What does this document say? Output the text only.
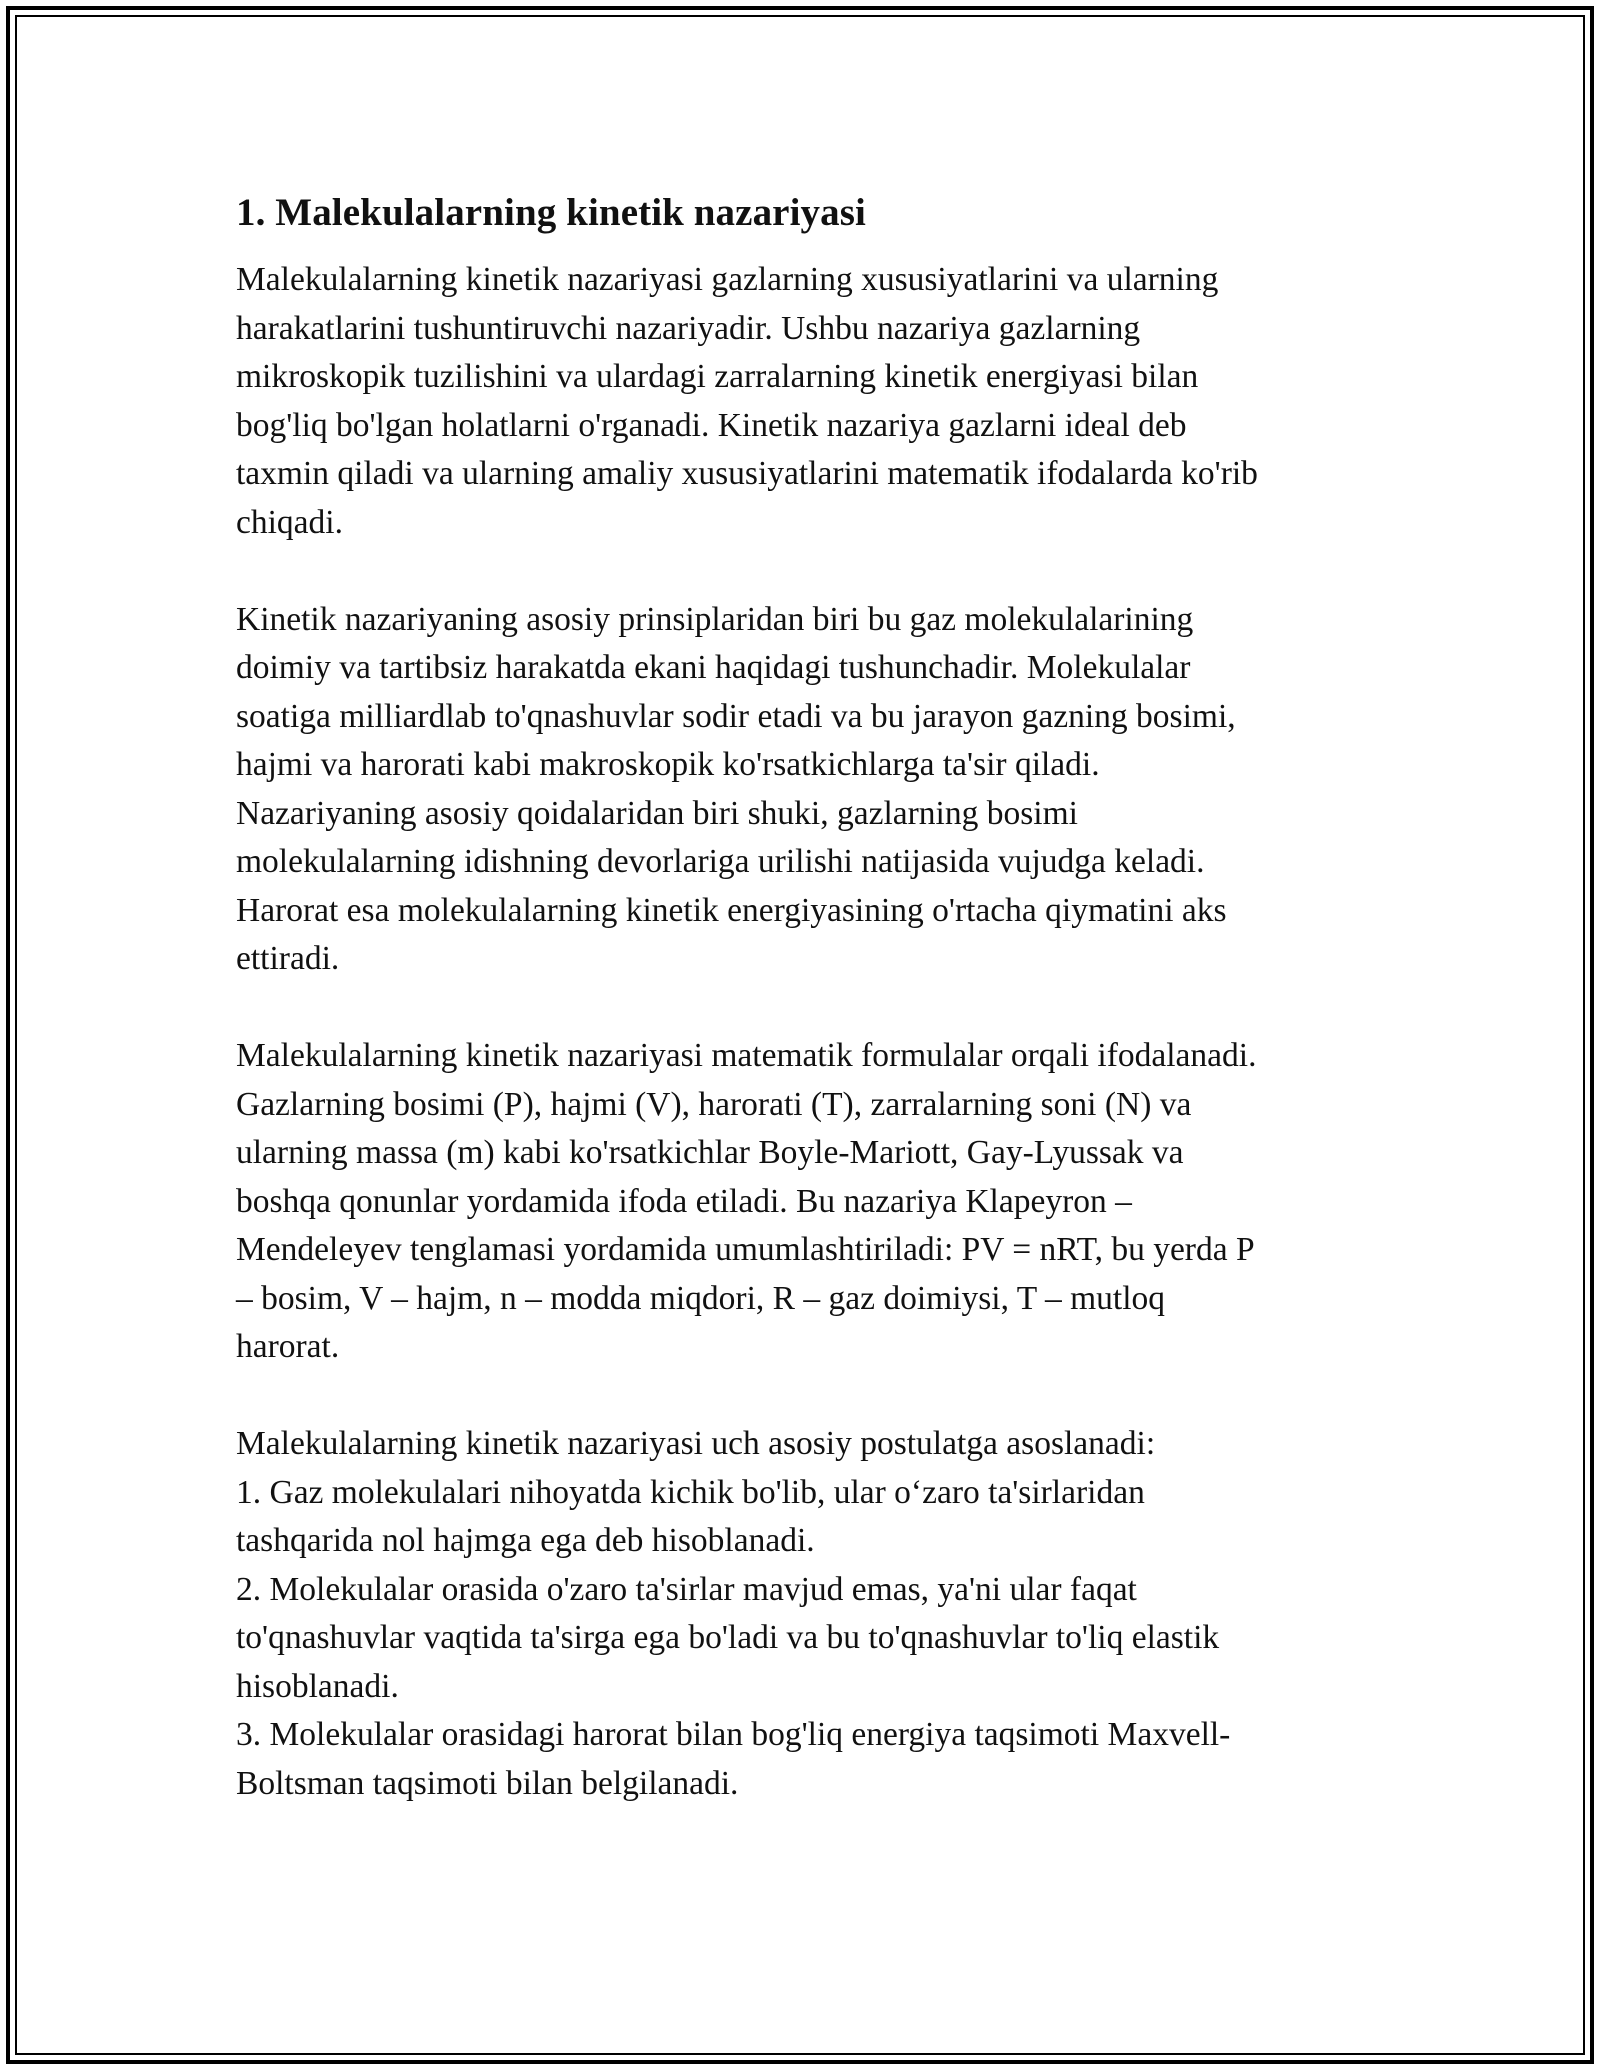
1. Malekulalarning kinetik nazariyasi

Malekulalarning kinetik nazariyasi gazlarning xususiyatlarini va ularning
harakatlarini tushuntiruvchi nazariyadir. Ushbu nazariya gazlarning
mikroskopik tuzilishini va ulardagi zarralarning kinetik energiyasi bilan
bog'liq bo'lgan holatlarni o'rganadi. Kinetik nazariya gazlarni ideal deb
taxmin qiladi va ularning amaliy xususiyatlarini matematik ifodalarda ko'rib
chiqadi.

Kinetik nazariyaning asosiy prinsiplaridan biri bu gaz molekulalarining
doimiy va tartibsiz harakatda ekani haqidagi tushunchadir. Molekulalar
soatiga milliardlab to'qnashuvlar sodir etadi va bu jarayon gazning bosimi,
hajmi va harorati kabi makroskopik ko'rsatkichlarga ta'sir qiladi.
Nazariyaning asosiy qoidalaridan biri shuki, gazlarning bosimi
molekulalarning idishning devorlariga urilishi natijasida vujudga keladi.
Harorat esa molekulalarning kinetik energiyasining o'rtacha qiymatini aks
ettiradi.

Malekulalarning kinetik nazariyasi matematik formulalar orqali ifodalanadi.
Gazlarning bosimi (P), hajmi (V), harorati (T), zarralarning soni (N) va
ularning massa (m) kabi ko'rsatkichlar Boyle-Mariott, Gay-Lyussak va
boshqa qonunlar yordamida ifoda etiladi. Bu nazariya Klapeyron –
Mendeleyev tenglamasi yordamida umumlashtiriladi: PV = nRT, bu yerda P
– bosim, V – hajm, n – modda miqdori, R – gaz doimiysi, T – mutloq
harorat.

Malekulalarning kinetik nazariyasi uch asosiy postulatga asoslanadi:

1. Gaz molekulalari nihoyatda kichik bo'lib, ular o‘zaro ta'sirlaridan
tashqarida nol hajmga ega deb hisoblanadi.

2. Molekulalar orasida o'zaro ta'sirlar mavjud emas, ya'ni ular faqat
to'qnashuvlar vaqtida ta'sirga ega bo'ladi va bu to'qnashuvlar to'liq elastik
hisoblanadi.

3. Molekulalar orasidagi harorat bilan bog'liq energiya taqsimoti Maxvell-
Boltsman taqsimoti bilan belgilanadi.
